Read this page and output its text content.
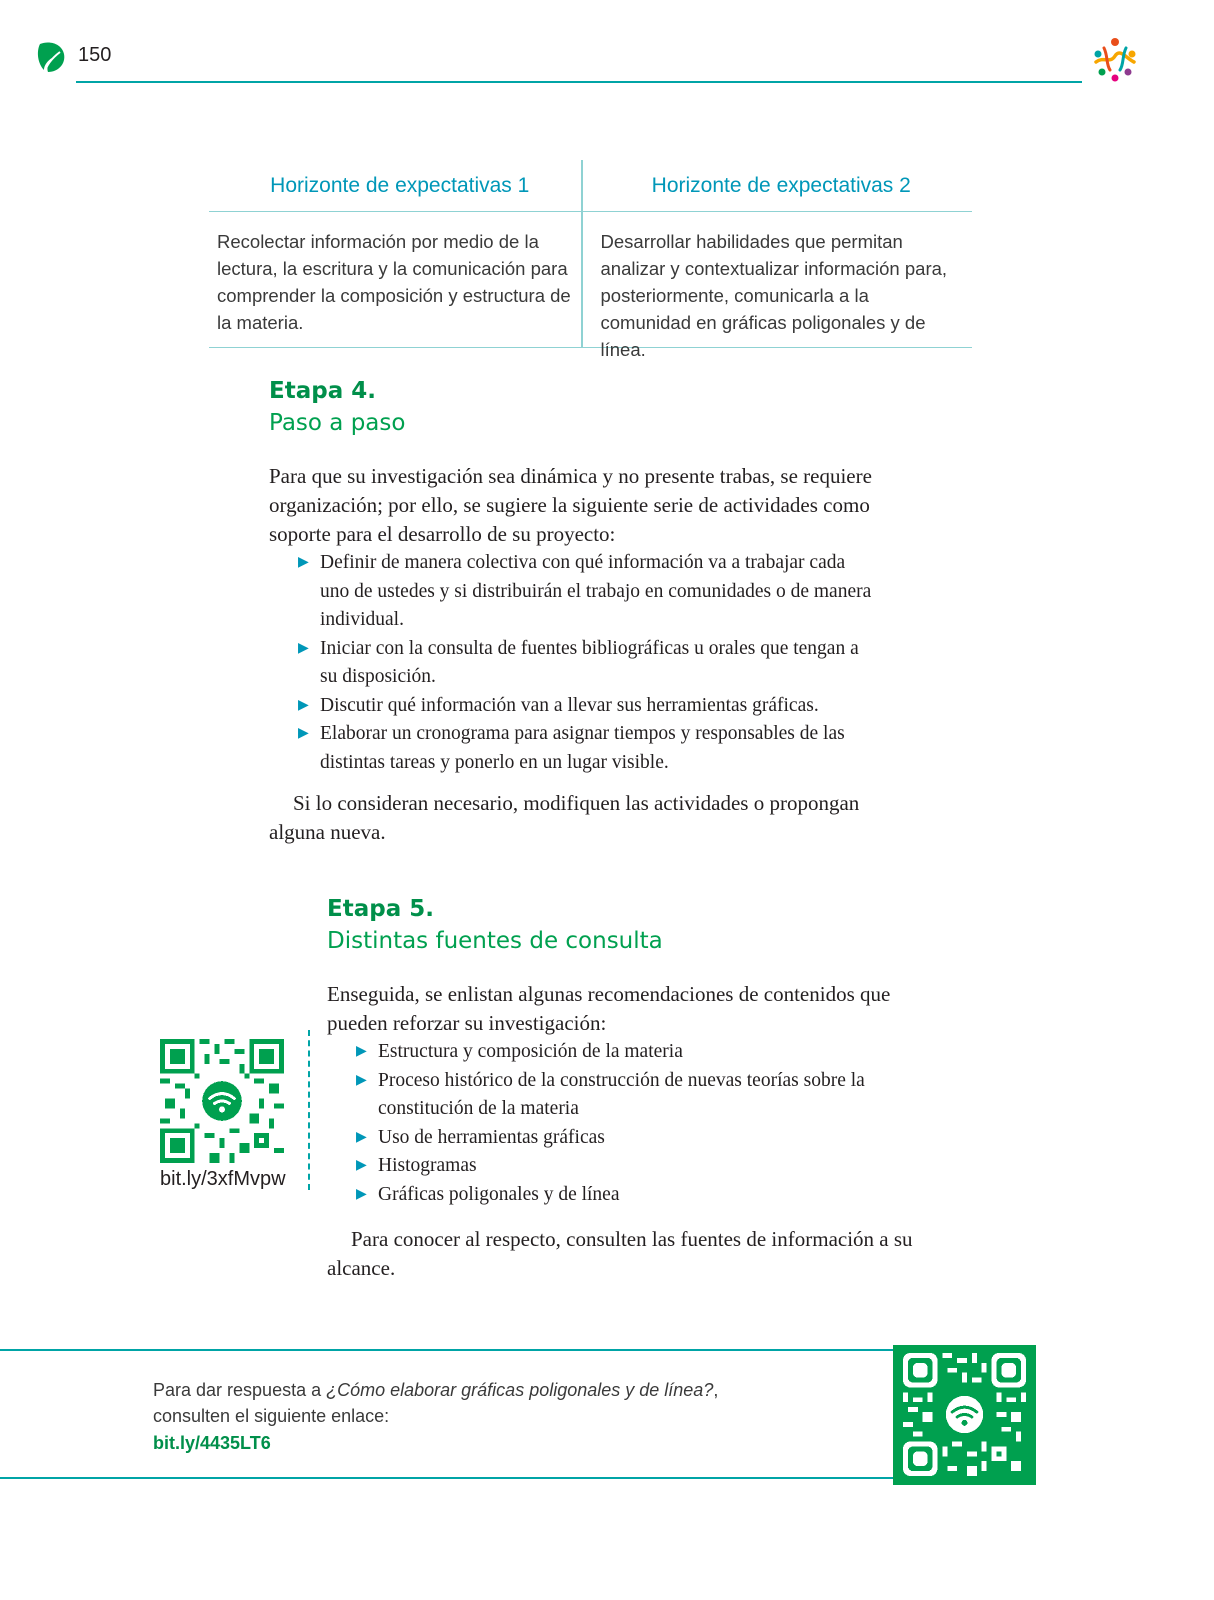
150
Horizonte de expectativas 1	Horizonte de expectativas 2
Recolectar información por medio de la lectura, la escritura y la comunicación para comprender la composición y estructura de la materia.
Desarrollar habilidades que permitan analizar y contextualizar información para, posteriormente, comunicarla a la comunidad en gráficas poligonales y de línea.
Etapa 4.
Paso a paso

Para que su investigación sea dinámica y no presente trabas, se requiere organización; por ello, se sugiere la siguiente serie de actividades como soporte para el desarrollo de su proyecto:

▶ Definir de manera colectiva con qué información va a trabajar cada uno de ustedes y si distribuirán el trabajo en comunidades o de manera individual.
▶ Iniciar con la consulta de fuentes bibliográficas u orales que tengan a su disposición.
▶ Discutir qué información van a llevar sus herramientas gráficas.
▶ Elaborar un cronograma para asignar tiempos y responsables de las distintas tareas y ponerlo en un lugar visible.

Si lo consideran necesario, modifiquen las actividades o propongan alguna nueva.

Etapa 5.
Distintas fuentes de consulta

Enseguida, se enlistan algunas recomendaciones de contenidos que pueden reforzar su investigación:

▶ Estructura y composición de la materia
▶ Proceso histórico de la construcción de nuevas teorías sobre la constitución de la materia
▶ Uso de herramientas gráficas
▶ Histogramas
▶ Gráficas poligonales y de línea

Para conocer al respecto, consulten las fuentes de información a su alcance.

bit.ly/3xfMvpw
Para dar respuesta a ¿Cómo elaborar gráficas poligonales y de línea?,
consulten el siguiente enlace:
bit.ly/4435LT6
